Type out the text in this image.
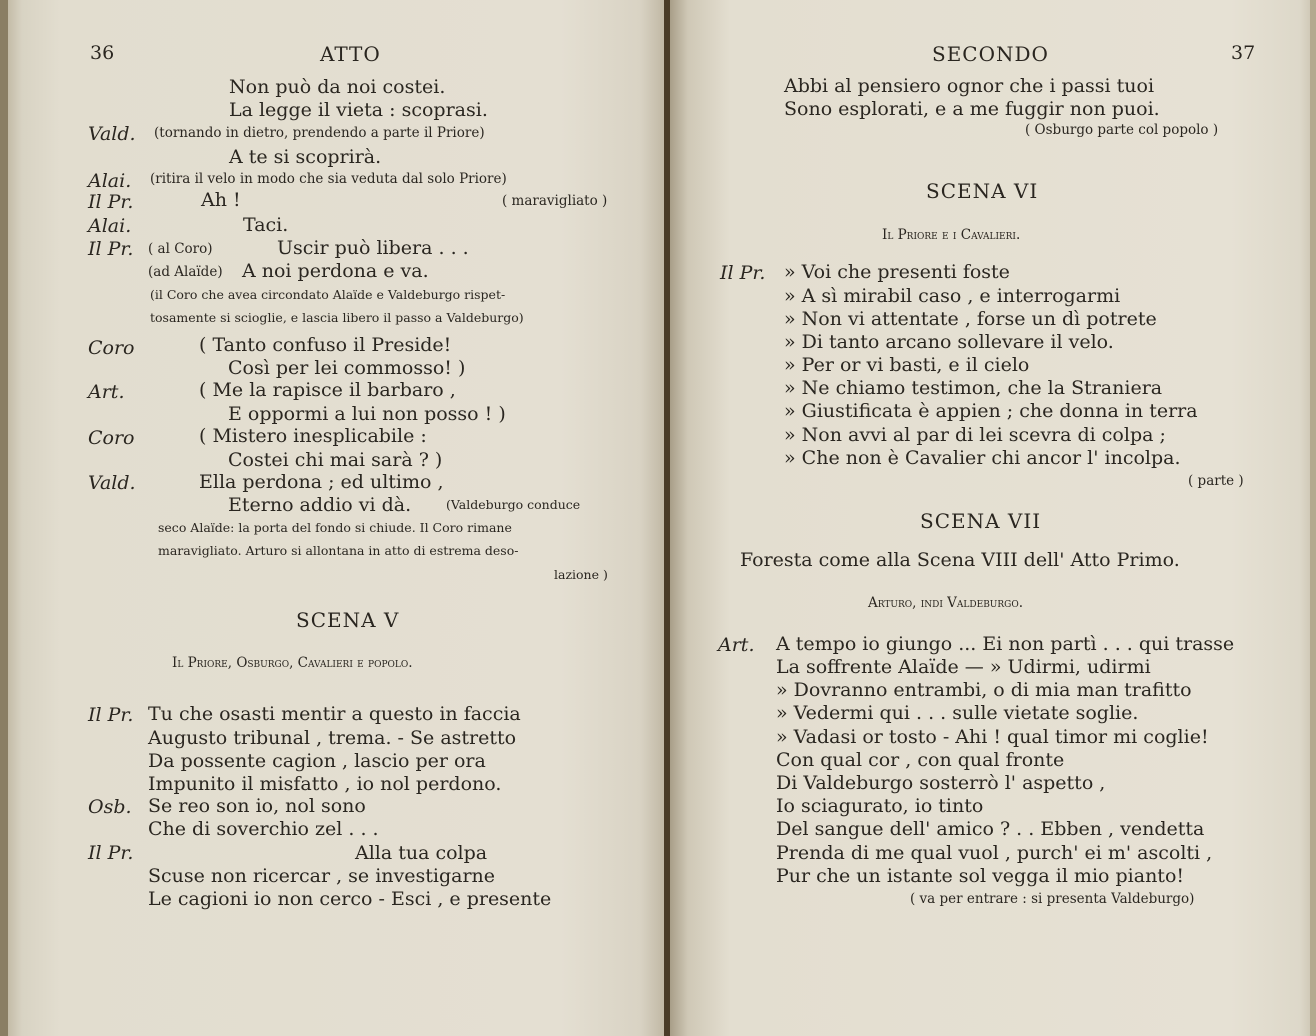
36	ATTO
Non può da noi costei.
La legge il vieta : scoprasi.
Vald. (tornando in dietro, prendendo a parte il Priore)
A te si scoprirà.
Alai. (ritira il velo in modo che sia veduta dal solo Priore)
Il Pr.	Ah !	( maravigliato )
Alai.	Taci.
Il Pr. ( al Coro)	Uscir può libera . . .
(ad Alaïde) A noi perdona e va.
(il Coro che avea circondato Alaïde e Valdeburgo rispet-
tosamente si scioglie, e lascia libero il passo a Valdeburgo)
Coro	( Tanto confuso il Preside!
Così per lei commosso! )
Art.	( Me la rapisce il barbaro ,
E oppormi a lui non posso ! )
Coro	( Mistero inesplicabile :
Costei chi mai sarà ? )
Vald.	Ella perdona ; ed ultimo ,
Eterno addio vi dà.	(Valdeburgo conduce
seco Alaïde: la porta del fondo si chiude. Il Coro rimane
maravigliato. Arturo si allontana in atto di estrema deso-
lazione )
SCENA V
Il Priore, Osburgo, Cavalieri e popolo.
Il Pr. Tu che osasti mentir a questo in faccia
Augusto tribunal , trema. - Se astretto
Da possente cagion , lascio per ora
Impunito il misfatto , io nol perdono.
Osb. Se reo son io, nol sono
Che di soverchio zel . . .
Il Pr.	Alla tua colpa
Scuse non ricercar , se investigarne
Le cagioni io non cerco - Esci , e presente
SECONDO	37
Abbi al pensiero ognor che i passi tuoi
Sono esplorati, e a me fuggir non puoi.
( Osburgo parte col popolo )
SCENA VI
Il Priore e i Cavalieri.
Il Pr. » Voi che presenti foste
» A sì mirabil caso , e interrogarmi
» Non vi attentate , forse un dì potrete
» Di tanto arcano sollevare il velo.
» Per or vi basti, e il cielo
» Ne chiamo testimon, che la Straniera
» Giustificata è appien ; che donna in terra
» Non avvi al par di lei scevra di colpa ;
» Che non è Cavalier chi ancor l' incolpa.
( parte )
SCENA VII
Foresta come alla Scena VIII dell' Atto Primo.
Arturo, indi Valdeburgo.
Art. A tempo io giungo ... Ei non partì . . . qui trasse
La soffrente Alaïde — » Udirmi, udirmi
» Dovranno entrambi, o di mia man trafitto
» Vedermi qui . . . sulle vietate soglie.
» Vadasi or tosto - Ahi ! qual timor mi coglie!
Con qual cor , con qual fronte
Di Valdeburgo sosterrò l' aspetto ,
Io sciagurato, io tinto
Del sangue dell' amico ? . . Ebben , vendetta
Prenda di me qual vuol , purch' ei m' ascolti ,
Pur che un istante sol vegga il mio pianto!
( va per entrare : si presenta Valdeburgo)
